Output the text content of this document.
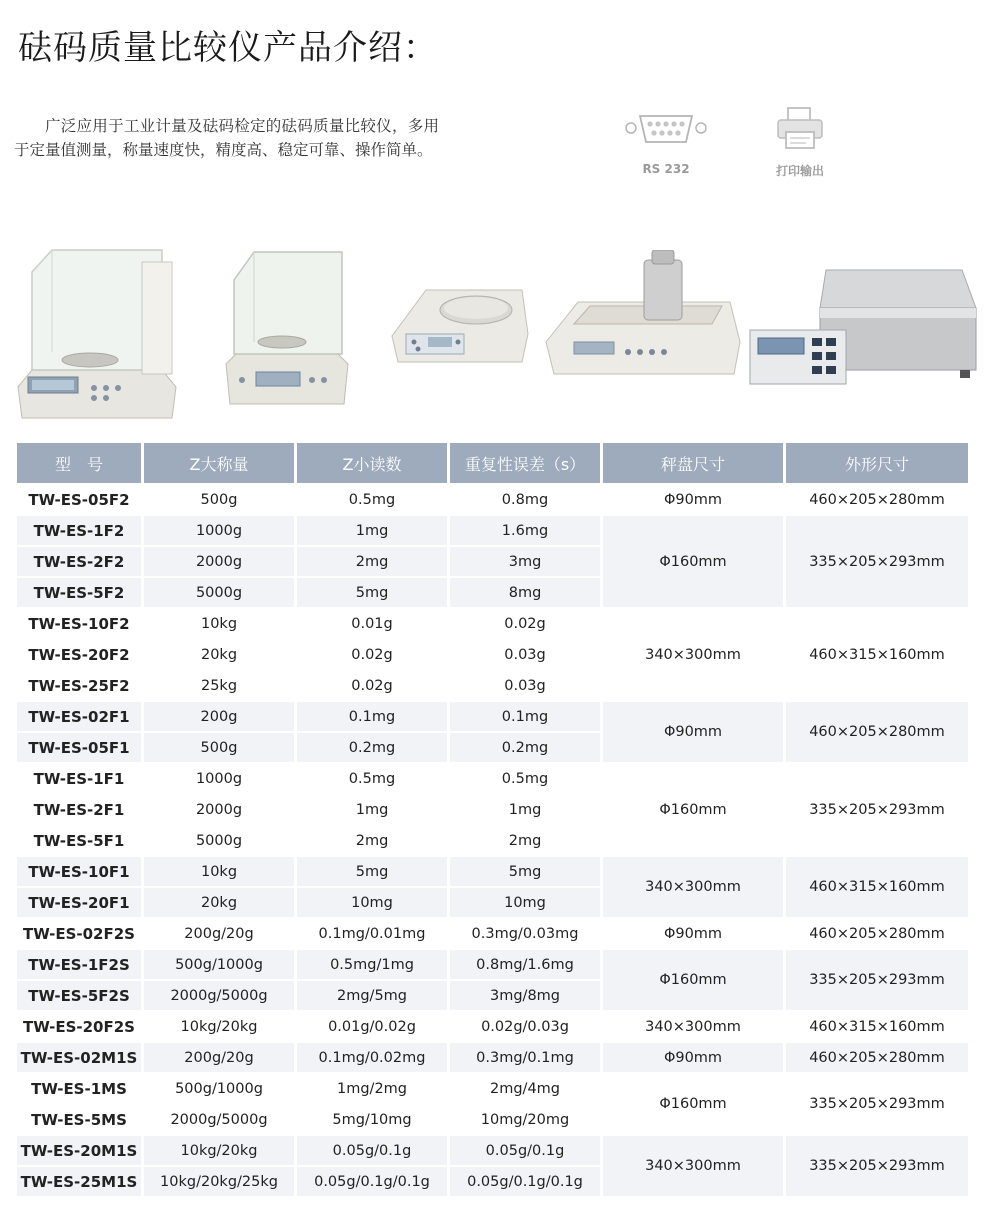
砝码质量比较仪产品介绍：

广泛应用于工业计量及砝码检定的砝码质量比较仪，多用于定量值测量，称量速度快，精度高、稳定可靠、操作简单。

RS 232	打印输出
型　号	Z大称量	Z小读数	重复性误差（s）	秤盘尺寸	外形尺寸
TW-ES-05F2	500g	0.5mg	0.8mg	Φ90mm	460×205×280mm
TW-ES-1F2	1000g	1mg	1.6mg	Φ160mm	335×205×293mm
TW-ES-2F2	2000g	2mg	3mg		
TW-ES-5F2	5000g	5mg	8mg		
TW-ES-10F2	10kg	0.01g	0.02g	340×300mm	460×315×160mm
TW-ES-20F2	20kg	0.02g	0.03g		
TW-ES-25F2	25kg	0.02g	0.03g		
TW-ES-02F1	200g	0.1mg	0.1mg	Φ90mm	460×205×280mm
TW-ES-05F1	500g	0.2mg	0.2mg		
TW-ES-1F1	1000g	0.5mg	0.5mg	Φ160mm	335×205×293mm
TW-ES-2F1	2000g	1mg	1mg		
TW-ES-5F1	5000g	2mg	2mg		
TW-ES-10F1	10kg	5mg	5mg	340×300mm	460×315×160mm
TW-ES-20F1	20kg	10mg	10mg		
TW-ES-02F2S	200g/20g	0.1mg/0.01mg	0.3mg/0.03mg	Φ90mm	460×205×280mm
TW-ES-1F2S	500g/1000g	0.5mg/1mg	0.8mg/1.6mg	Φ160mm	335×205×293mm
TW-ES-5F2S	2000g/5000g	2mg/5mg	3mg/8mg		
TW-ES-20F2S	10kg/20kg	0.01g/0.02g	0.02g/0.03g	340×300mm	460×315×160mm
TW-ES-02M1S	200g/20g	0.1mg/0.02mg	0.3mg/0.1mg	Φ90mm	460×205×280mm
TW-ES-1MS	500g/1000g	1mg/2mg	2mg/4mg	Φ160mm	335×205×293mm
TW-ES-5MS	2000g/5000g	5mg/10mg	10mg/20mg		
TW-ES-20M1S	10kg/20kg	0.05g/0.1g	0.05g/0.1g	340×300mm	335×205×293mm
TW-ES-25M1S	10kg/20kg/25kg	0.05g/0.1g/0.1g	0.05g/0.1g/0.1g		
